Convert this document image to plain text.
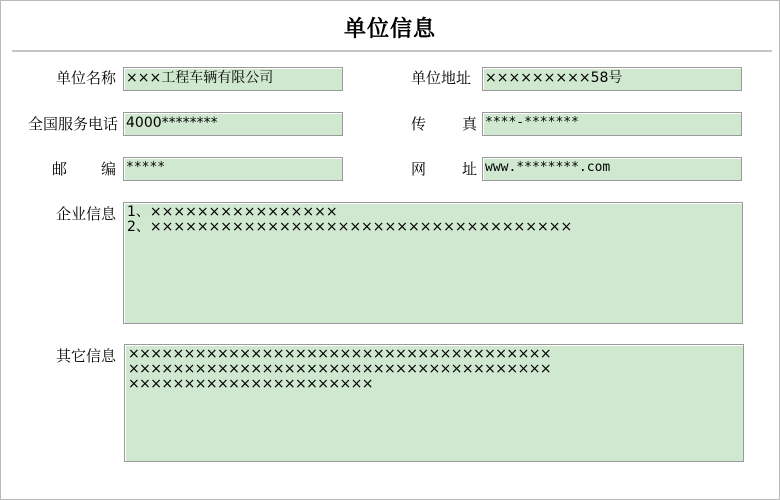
单位信息
单位名称 ×××工程车辆有限公司	单位地址 ×××××××××58号
全国服务电话 4000********	传 真 ****-*******
邮 编 *****	网 址 www.********.com
企业信息 1、××××××××××××××××
2、××××××××××××××××××××××××××××××××××××
其它信息 ××××××××××××××××××××××××××××××××××××××
××××××××××××××××××××××××××××××××××××××
××××××××××××××××××××××
